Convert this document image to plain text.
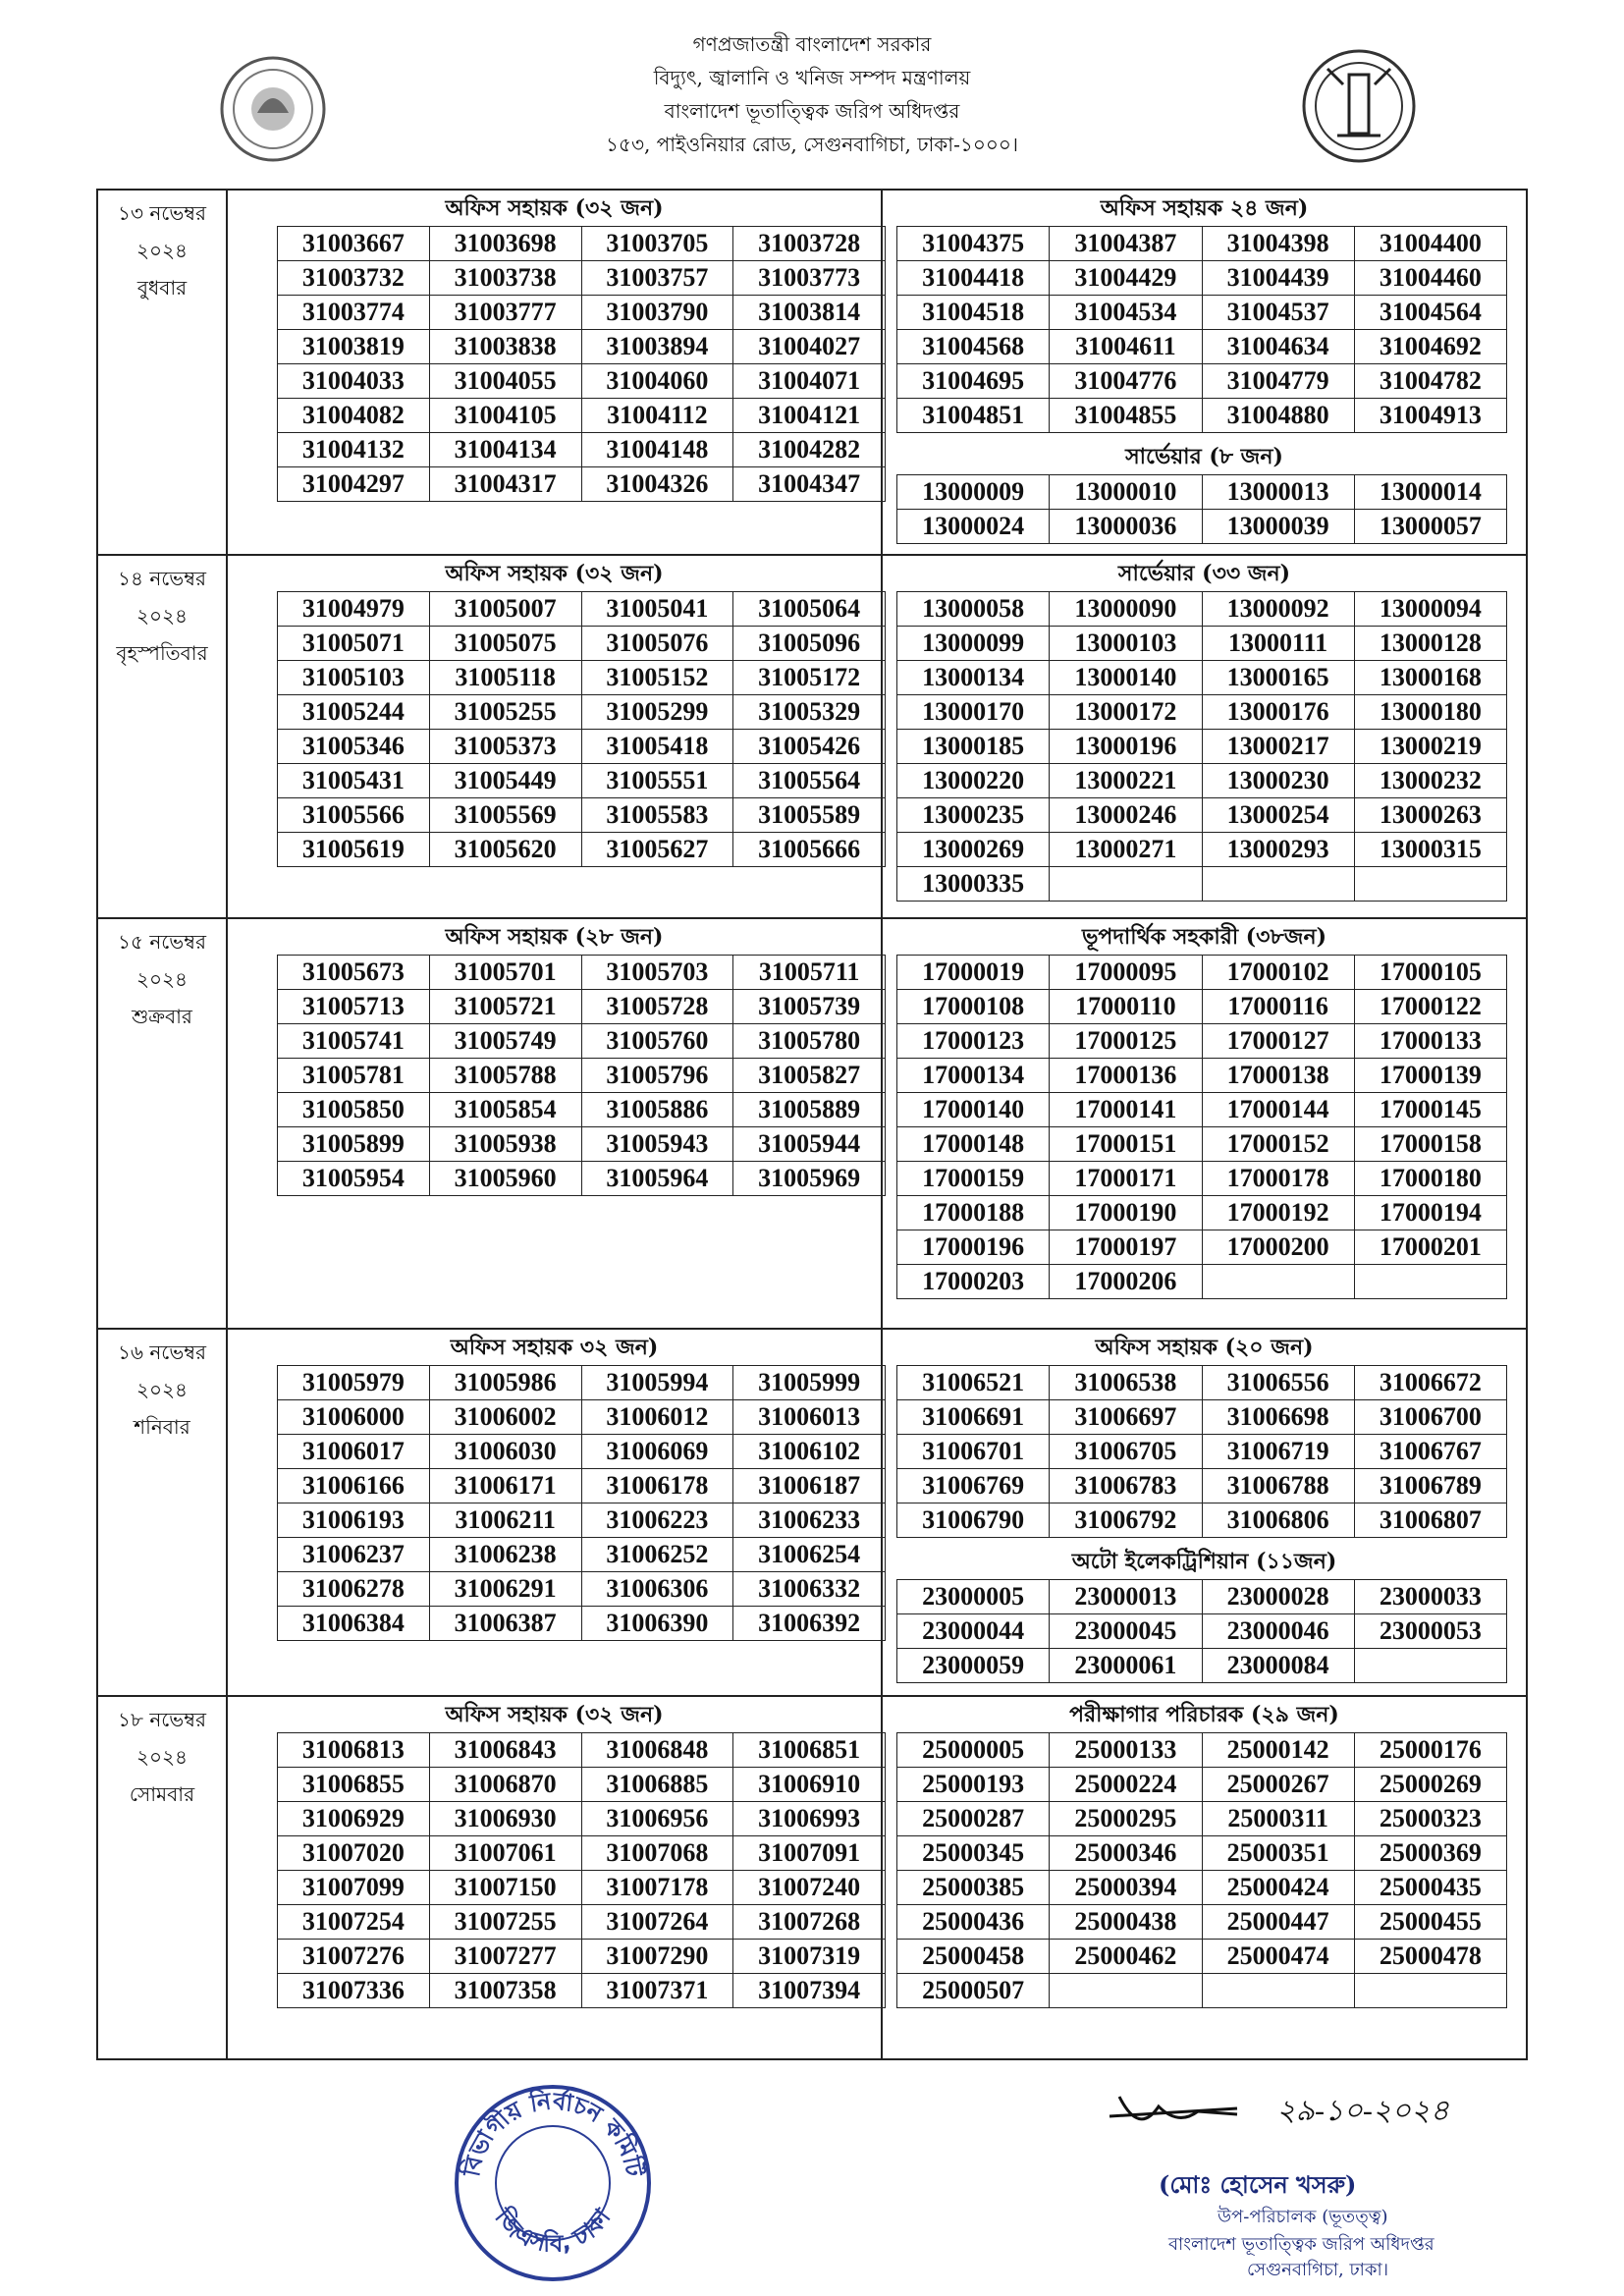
গণপ্রজাতন্ত্রী বাংলাদেশ সরকার
বিদ্যুৎ, জ্বালানি ও খনিজ সম্পদ মন্ত্রণালয়
বাংলাদেশ ভূতাত্ত্বিক জরিপ অধিদপ্তর
১৫৩, পাইওনিয়ার রোড, সেগুনবাগিচা, ঢাকা-১০০০।
১৩ নভেম্বর
২০২৪
বুধবার

অফিস সহায়ক (৩২ জন)
31003667	31003698	31003705	31003728
31003732	31003738	31003757	31003773
31003774	31003777	31003790	31003814
31003819	31003838	31003894	31004027
31004033	31004055	31004060	31004071
31004082	31004105	31004112	31004121
31004132	31004134	31004148	31004282
31004297	31004317	31004326	31004347

অফিস সহায়ক ২৪ জন)
31004375	31004387	31004398	31004400
31004418	31004429	31004439	31004460
31004518	31004534	31004537	31004564
31004568	31004611	31004634	31004692
31004695	31004776	31004779	31004782
31004851	31004855	31004880	31004913
সার্ভেয়ার (৮ জন)
13000009	13000010	13000013	13000014
13000024	13000036	13000039	13000057

১৪ নভেম্বর
২০২৪
বৃহস্পতিবার

অফিস সহায়ক (৩২ জন)
31004979	31005007	31005041	31005064
31005071	31005075	31005076	31005096
31005103	31005118	31005152	31005172
31005244	31005255	31005299	31005329
31005346	31005373	31005418	31005426
31005431	31005449	31005551	31005564
31005566	31005569	31005583	31005589
31005619	31005620	31005627	31005666

সার্ভেয়ার (৩৩ জন)
13000058	13000090	13000092	13000094
13000099	13000103	13000111	13000128
13000134	13000140	13000165	13000168
13000170	13000172	13000176	13000180
13000185	13000196	13000217	13000219
13000220	13000221	13000230	13000232
13000235	13000246	13000254	13000263
13000269	13000271	13000293	13000315
13000335			

১৫ নভেম্বর
২০২৪
শুক্রবার

অফিস সহায়ক (২৮ জন)
31005673	31005701	31005703	31005711
31005713	31005721	31005728	31005739
31005741	31005749	31005760	31005780
31005781	31005788	31005796	31005827
31005850	31005854	31005886	31005889
31005899	31005938	31005943	31005944
31005954	31005960	31005964	31005969

ভূপদার্থিক সহকারী (৩৮জন)
17000019	17000095	17000102	17000105
17000108	17000110	17000116	17000122
17000123	17000125	17000127	17000133
17000134	17000136	17000138	17000139
17000140	17000141	17000144	17000145
17000148	17000151	17000152	17000158
17000159	17000171	17000178	17000180
17000188	17000190	17000192	17000194
17000196	17000197	17000200	17000201
17000203	17000206		

১৬ নভেম্বর
২০২৪
শনিবার

অফিস সহায়ক ৩২ জন)
31005979	31005986	31005994	31005999
31006000	31006002	31006012	31006013
31006017	31006030	31006069	31006102
31006166	31006171	31006178	31006187
31006193	31006211	31006223	31006233
31006237	31006238	31006252	31006254
31006278	31006291	31006306	31006332
31006384	31006387	31006390	31006392

অফিস সহায়ক (২০ জন)
31006521	31006538	31006556	31006672
31006691	31006697	31006698	31006700
31006701	31006705	31006719	31006767
31006769	31006783	31006788	31006789
31006790	31006792	31006806	31006807
অটো ইলেকট্রিশিয়ান (১১জন)
23000005	23000013	23000028	23000033
23000044	23000045	23000046	23000053
23000059	23000061	23000084	

১৮ নভেম্বর
২০২৪
সোমবার

অফিস সহায়ক (৩২ জন)
31006813	31006843	31006848	31006851
31006855	31006870	31006885	31006910
31006929	31006930	31006956	31006993
31007020	31007061	31007068	31007091
31007099	31007150	31007178	31007240
31007254	31007255	31007264	31007268
31007276	31007277	31007290	31007319
31007336	31007358	31007371	31007394

পরীক্ষাগার পরিচারক (২৯ জন)
25000005	25000133	25000142	25000176
25000193	25000224	25000267	25000269
25000287	25000295	25000311	25000323
25000345	25000346	25000351	25000369
25000385	25000394	25000424	25000435
25000436	25000438	25000447	25000455
25000458	25000462	25000474	25000478
25000507			
বিভাগীয় নির্বাচন কমিটি
জিএসবি, ঢাকা
২৯-১০-২০২৪
(মোঃ হোসেন খসরু)
উপ-পরিচালক (ভূতত্ত্ব)
বাংলাদেশ ভূতাত্ত্বিক জরিপ অধিদপ্তর
সেগুনবাগিচা, ঢাকা।
